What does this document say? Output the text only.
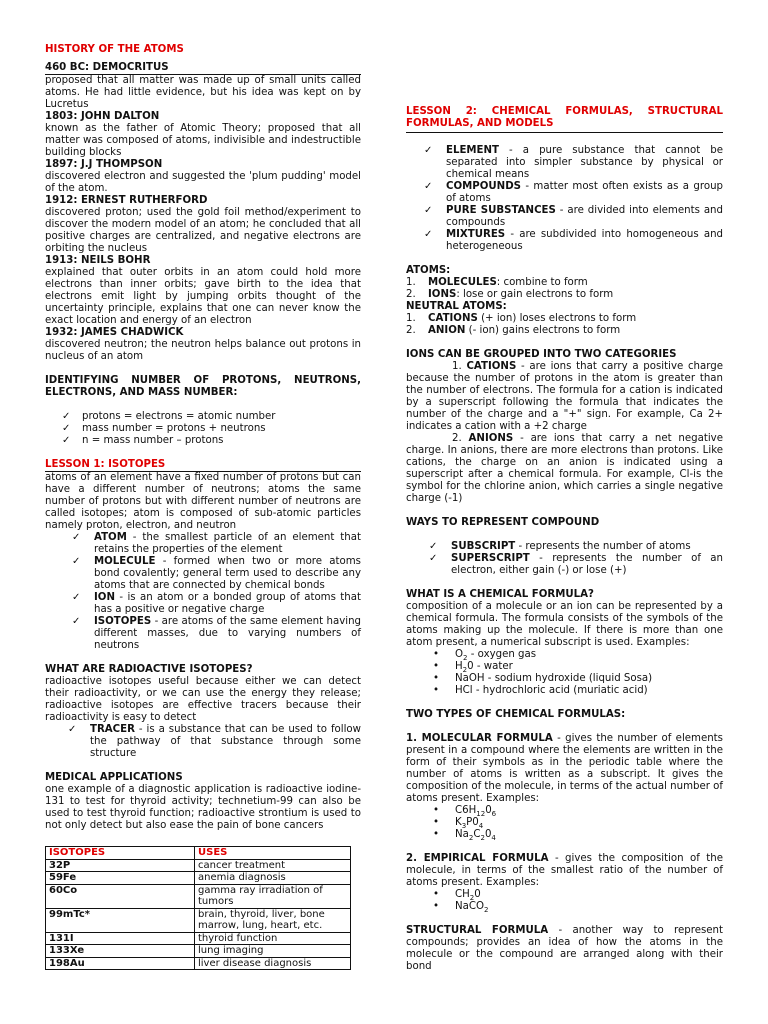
HISTORY OF THE ATOMS
460 BC: DEMOCRITUS

proposed that all matter was made up of small units called atoms. He had little evidence, but his idea was kept on by Lucretus

1803: JOHN DALTON

known as the father of Atomic Theory; proposed that all matter was composed of atoms, indivisible and indestructible building blocks

1897: J.J THOMPSON

discovered electron and suggested the 'plum pudding' model of the atom.

1912: ERNEST RUTHERFORD

discovered proton; used the gold foil method/experiment to discover the modern model of an atom; he concluded that all positive charges are centralized, and negative electrons are orbiting the nucleus

1913: NEILS BOHR

explained that outer orbits in an atom could hold more electrons than inner orbits; gave birth to the idea that electrons emit light by jumping orbits thought of the uncertainty principle, explains that one can never know the exact location and energy of an electron

1932: JAMES CHADWICK

discovered neutron; the neutron helps balance out protons in nucleus of an atom

IDENTIFYING NUMBER OF PROTONS, NEUTRONS, ELECTRONS, AND MASS NUMBER:

✓ protons = electrons = atomic number
✓ mass number = protons + neutrons
✓ n = mass number – protons
LESSON 1: ISOTOPES

atoms of an element have a fixed number of protons but can have a different number of neutrons; atoms the same number of protons but with different number of neutrons are called isotopes; atom is composed of sub-atomic particles namely proton, electron, and neutron

✓ ATOM - the smallest particle of an element that retains the properties of the element
✓ MOLECULE - formed when two or more atoms bond covalently; general term used to describe any atoms that are connected by chemical bonds
✓ ION - is an atom or a bonded group of atoms that has a positive or negative charge
✓ ISOTOPES - are atoms of the same element having different masses, due to varying numbers of neutrons
WHAT ARE RADIOACTIVE ISOTOPES?

radioactive isotopes useful because either we can detect their radioactivity, or we can use the energy they release; radioactive isotopes are effective tracers because their radioactivity is easy to detect

✓ TRACER - is a substance that can be used to follow the pathway of that substance through some structure
MEDICAL APPLICATIONS

one example of a diagnostic application is radioactive iodine-131 to test for thyroid activity; technetium-99 can also be used to test thyroid function; radioactive strontium is used to not only detect but also ease the pain of bone cancers

ISOTOPES	USES
32P	cancer treatment
59Fe	anemia diagnosis
60Co	gamma ray irradiation of tumors
99mTc*	brain, thyroid, liver, bone marrow, lung, heart, etc.
131I	thyroid function
133Xe	lung imaging
198Au	liver disease diagnosis

LESSON 2: CHEMICAL FORMULAS, STRUCTURAL FORMULAS, AND MODELS

✓ ELEMENT - a pure substance that cannot be separated into simpler substance by physical or chemical means
✓ COMPOUNDS - matter most often exists as a group of atoms
✓ PURE SUBSTANCES - are divided into elements and compounds
✓ MIXTURES - are subdivided into homogeneous and heterogeneous
ATOMS:
1. MOLECULES: combine to form
2. IONS: lose or gain electrons to form
NEUTRAL ATOMS:
1. CATIONS (+ ion) loses electrons to form
2. ANION (- ion) gains electrons to form
IONS CAN BE GROUPED INTO TWO CATEGORIES

1. CATIONS - are ions that carry a positive charge because the number of protons in the atom is greater than the number of electrons. The formula for a cation is indicated by a superscript following the formula that indicates the number of the charge and a "+" sign. For example, Ca 2+ indicates a cation with a +2 charge

2. ANIONS - are ions that carry a net negative charge. In anions, there are more electrons than protons. Like cations, the charge on an anion is indicated using a superscript after a chemical formula. For example, Cl-is the symbol for the chlorine anion, which carries a single negative charge (-1)

WAYS TO REPRESENT COMPOUND
✓ SUBSCRIPT - represents the number of atoms
✓ SUPERSCRIPT - represents the number of an electron, either gain (-) or lose (+)
WHAT IS A CHEMICAL FORMULA?

composition of a molecule or an ion can be represented by a chemical formula. The formula consists of the symbols of the atoms making up the molecule. If there is more than one atom present, a numerical subscript is used. Examples:

• $O_2$ - oxygen gas
• $H_20$ - water
• NaOH - sodium hydroxide (liquid Sosa)
• HCl - hydrochloric acid (muriatic acid)
TWO TYPES OF CHEMICAL FORMULAS:

1. MOLECULAR FORMULA - gives the number of elements present in a compound where the elements are written in the form of their symbols as in the periodic table where the number of atoms is written as a subscript. It gives the composition of the molecule, in terms of the actual number of atoms present. Examples:

• $C6H_{12}0_6$
• $K_3P0_4$
• $Na_2C_20_4$

2. EMPIRICAL FORMULA - gives the composition of the molecule, in terms of the smallest ratio of the number of atoms present. Examples:

• $CH_20$
• NaCO$_2$

STRUCTURAL FORMULA - another way to represent compounds; provides an idea of how the atoms in the molecule or the compound are arranged along with their bond
